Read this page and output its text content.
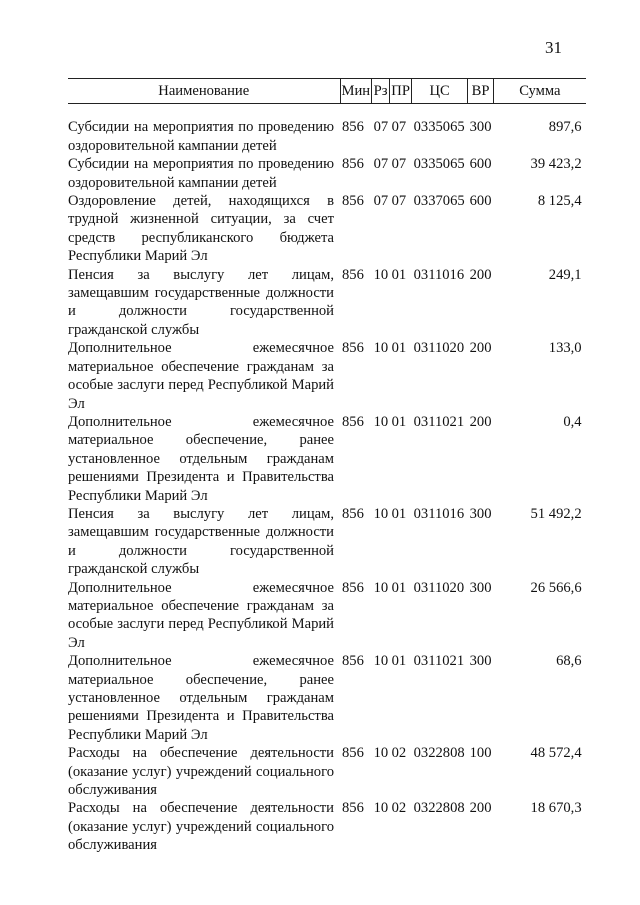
31
Наименование	Мин	Рз	ПР	ЦС	ВР	Сумма

Субсидии на мероприятия по проведению оздоровительной кампании детей	856	07	07	0335065	300	897,6
Субсидии на мероприятия по проведению оздоровительной кампании детей	856	07	07	0335065	600	39 423,2
Оздоровление детей, находящихся в трудной жизненной ситуации, за счет средств республиканского бюджета Республики Марий Эл	856	07	07	0337065	600	8 125,4
Пенсия за выслугу лет лицам, замещавшим государственные должности и должности государственной гражданской службы	856	10	01	0311016	200	249,1
Дополнительное ежемесячное материальное обеспечение гражданам за особые заслуги перед Республикой Марий Эл	856	10	01	0311020	200	133,0
Дополнительное ежемесячное материальное обеспечение, ранее установленное отдельным гражданам решениями Президента и Правительства Республики Марий Эл	856	10	01	0311021	200	0,4
Пенсия за выслугу лет лицам, замещавшим государственные должности и должности государственной гражданской службы	856	10	01	0311016	300	51 492,2
Дополнительное ежемесячное материальное обеспечение гражданам за особые заслуги перед Республикой Марий Эл	856	10	01	0311020	300	26 566,6
Дополнительное ежемесячное материальное обеспечение, ранее установленное отдельным гражданам решениями Президента и Правительства Республики Марий Эл	856	10	01	0311021	300	68,6
Расходы на обеспечение деятельности (оказание услуг) учреждений социального обслуживания	856	10	02	0322808	100	48 572,4
Расходы на обеспечение деятельности (оказание услуг) учреждений социального обслуживания	856	10	02	0322808	200	18 670,3
